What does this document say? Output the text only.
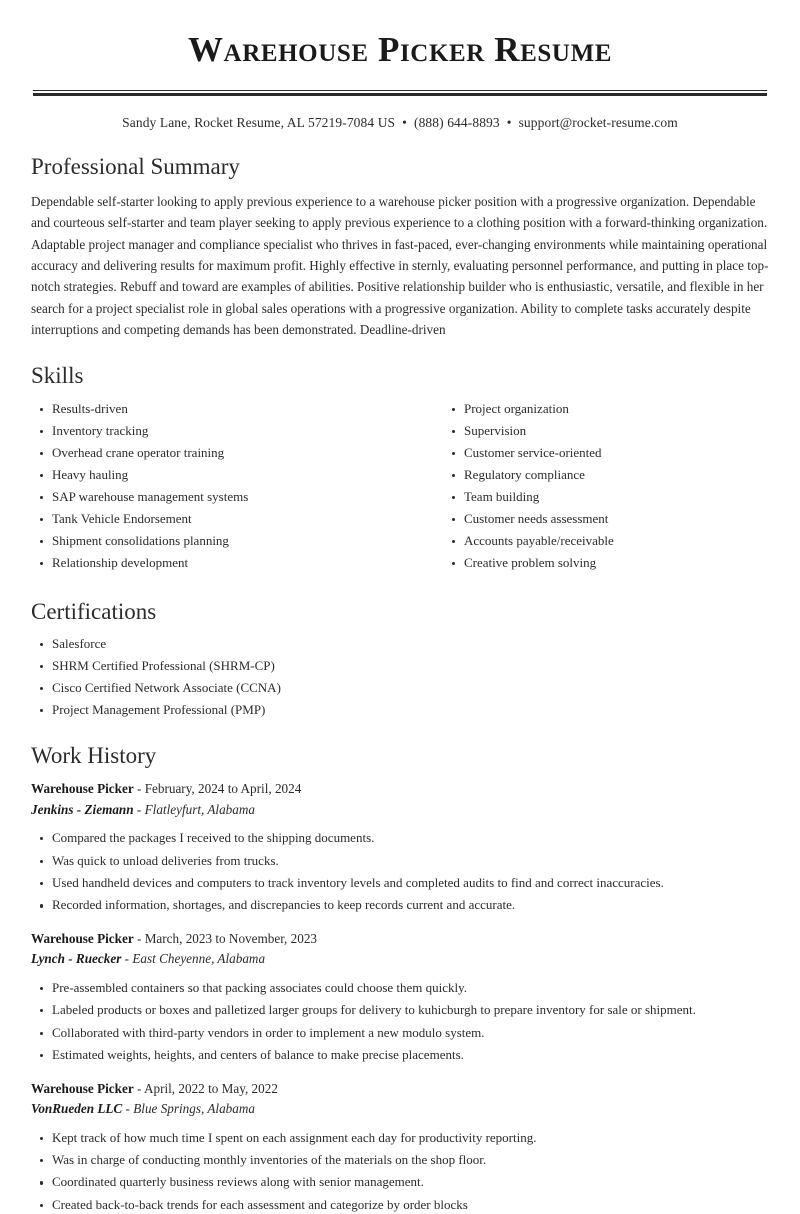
Warehouse Picker Resume
Sandy Lane, Rocket Resume, AL 57219-7084 US • (888) 644-8893 • support@rocket-resume.com
Professional Summary

Dependable self-starter looking to apply previous experience to a warehouse picker position with a progressive organization. Dependable and courteous self-starter and team player seeking to apply previous experience to a clothing position with a forward-thinking organization. Adaptable project manager and compliance specialist who thrives in fast-paced, ever-changing environments while maintaining operational accuracy and delivering results for maximum profit. Highly effective in sternly, evaluating personnel performance, and putting in place top-notch strategies. Rebuff and toward are examples of abilities. Positive relationship builder who is enthusiastic, versatile, and flexible in her search for a project specialist role in global sales operations with a progressive organization. Ability to complete tasks accurately despite interruptions and competing demands has been demonstrated. Deadline-driven

Skills
Results-driven
Inventory tracking
Overhead crane operator training
Heavy hauling
SAP warehouse management systems
Tank Vehicle Endorsement
Shipment consolidations planning
Relationship development
Project organization
Supervision
Customer service-oriented
Regulatory compliance
Team building
Customer needs assessment
Accounts payable/receivable
Creative problem solving
Certifications
Salesforce
SHRM Certified Professional (SHRM-CP)
Cisco Certified Network Associate (CCNA)
Project Management Professional (PMP)
Work History
Warehouse Picker - February, 2024 to April, 2024
Jenkins - Ziemann - Flatleyfurt, Alabama
Compared the packages I received to the shipping documents.
Was quick to unload deliveries from trucks.
Used handheld devices and computers to track inventory levels and completed audits to find and correct inaccuracies.
Recorded information, shortages, and discrepancies to keep records current and accurate.
Warehouse Picker - March, 2023 to November, 2023
Lynch - Ruecker - East Cheyenne, Alabama
Pre-assembled containers so that packing associates could choose them quickly.
Labeled products or boxes and palletized larger groups for delivery to kuhicburgh to prepare inventory for sale or shipment.
Collaborated with third-party vendors in order to implement a new modulo system.
Estimated weights, heights, and centers of balance to make precise placements.
Warehouse Picker - April, 2022 to May, 2022
VonRueden LLC - Blue Springs, Alabama
Kept track of how much time I spent on each assignment each day for productivity reporting.
Was in charge of conducting monthly inventories of the materials on the shop floor.
Coordinated quarterly business reviews along with senior management.
Created back-to-back trends for each assessment and categorize by order blocks
